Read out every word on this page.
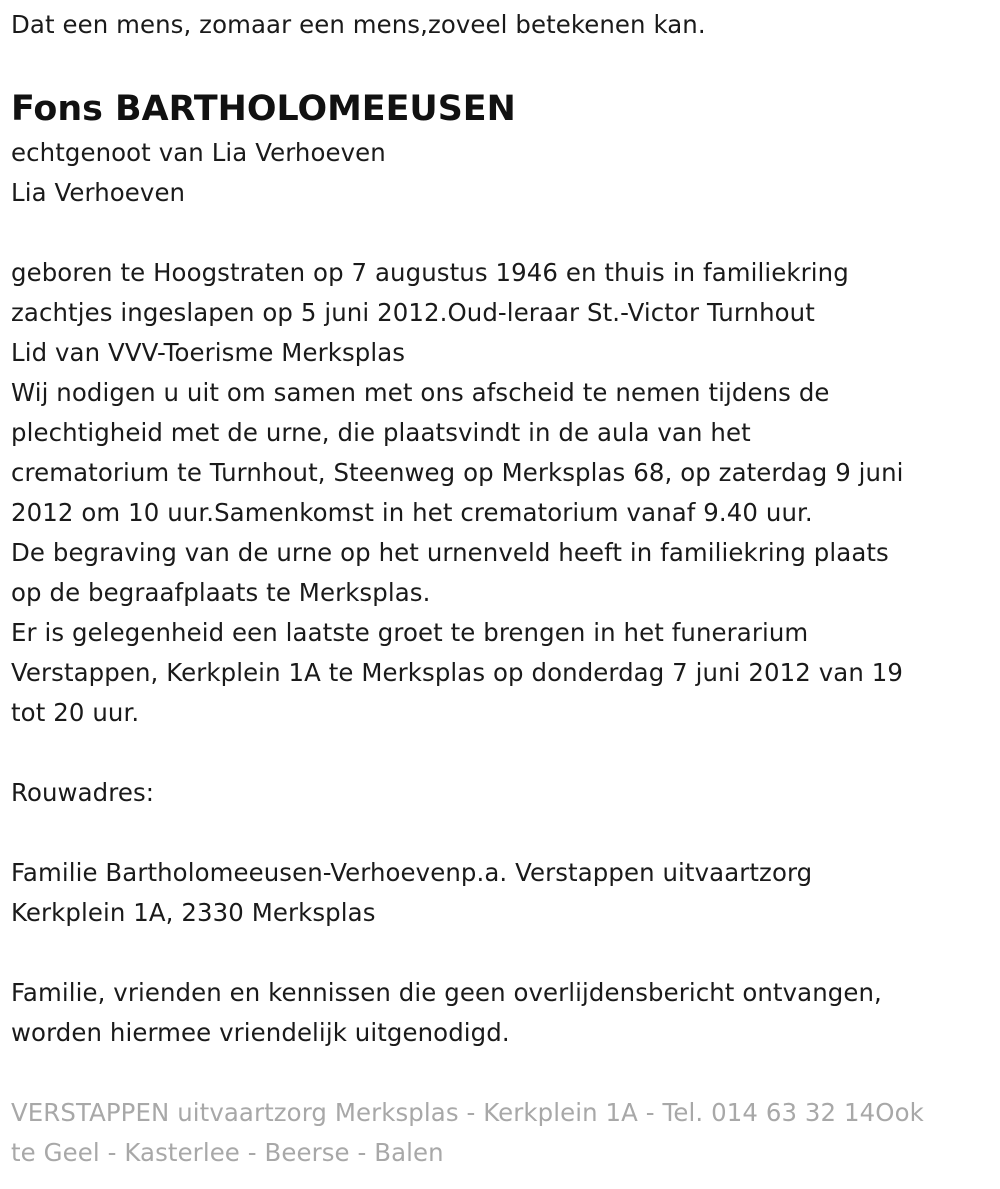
Dat een mens, zomaar een mens,zoveel betekenen kan.
Fons BARTHOLOMEEUSEN
echtgenoot van Lia Verhoeven
Lia Verhoeven
geboren te Hoogstraten op 7 augustus 1946 en thuis in familiekring
zachtjes ingeslapen op 5 juni 2012.Oud-leraar St.-Victor Turnhout
Lid van VVV-Toerisme Merksplas
Wij nodigen u uit om samen met ons afscheid te nemen tijdens de
plechtigheid met de urne, die plaatsvindt in de aula van het
crematorium te Turnhout, Steenweg op Merksplas 68, op zaterdag 9 juni
2012 om 10 uur.Samenkomst in het crematorium vanaf 9.40 uur.
De begraving van de urne op het urnenveld heeft in familiekring plaats
op de begraafplaats te Merksplas.
Er is gelegenheid een laatste groet te brengen in het funerarium
Verstappen, Kerkplein 1A te Merksplas op donderdag 7 juni 2012 van 19
tot 20 uur.
Rouwadres:
Familie Bartholomeeusen-Verhoevenp.a. Verstappen uitvaartzorg
Kerkplein 1A, 2330 Merksplas
Familie, vrienden en kennissen die geen overlijdensbericht ontvangen,
worden hiermee vriendelijk uitgenodigd.
VERSTAPPEN uitvaartzorg Merksplas - Kerkplein 1A - Tel. 014 63 32 14Ook
te Geel - Kasterlee - Beerse - Balen
